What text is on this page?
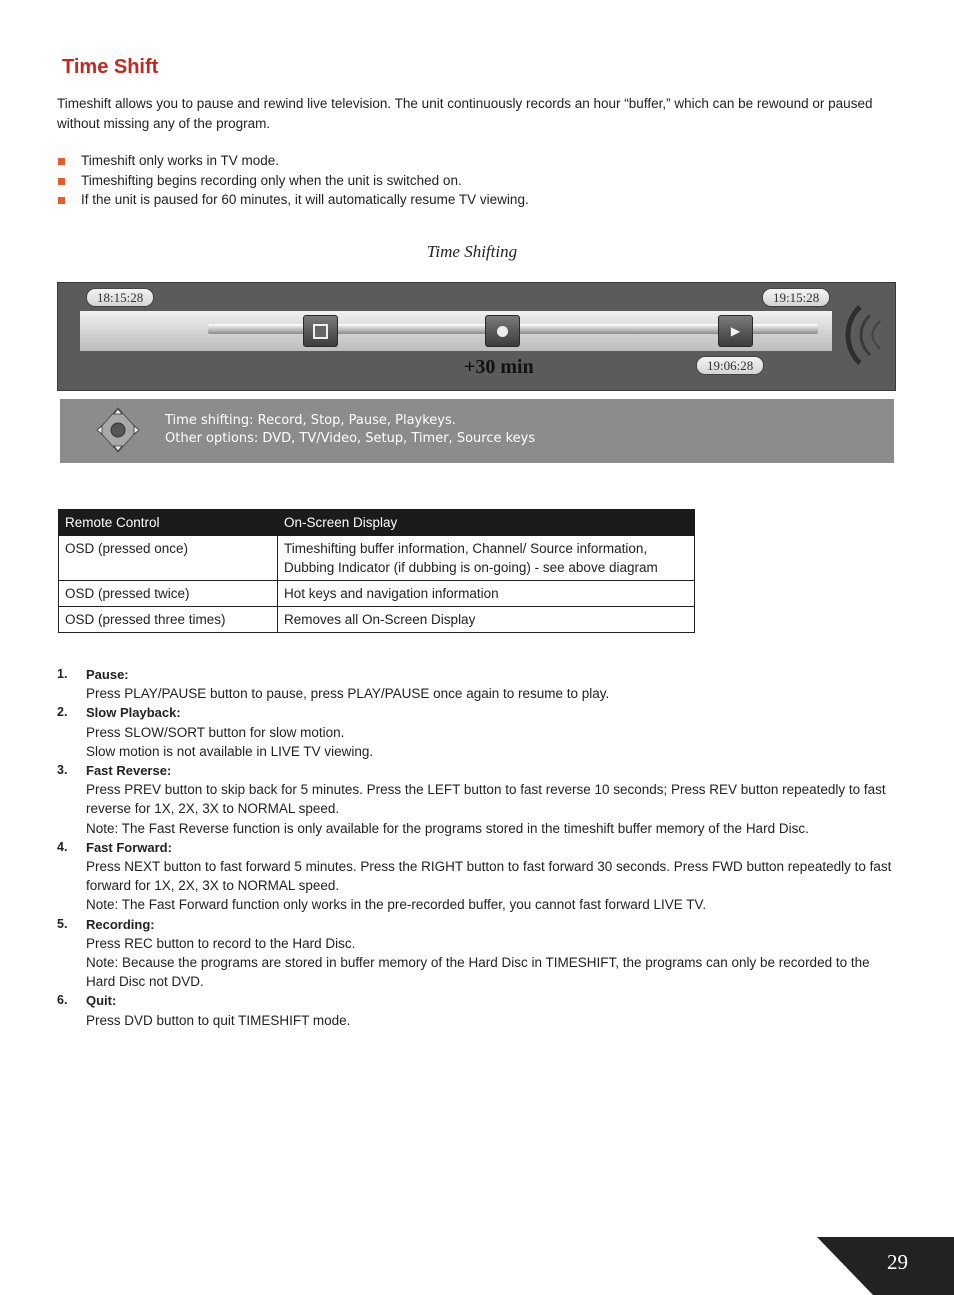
Time Shift
Timeshift allows you to pause and rewind live television. The unit continuously records an hour “buffer,” which can be rewound or paused without missing any of the program.
Timeshift only works in TV mode.
Timeshifting begins recording only when the unit is switched on.
If the unit is paused for 60 minutes, it will automatically resume TV viewing.
Time Shifting
18:15:28	19:15:28
▶
19:06:28
+30 min
Time shifting: Record, Stop, Pause, Playkeys.
Other options: DVD, TV/Video, Setup, Timer, Source keys
Remote Control	On-Screen Display
OSD (pressed once)	Timeshifting buffer information, Channel/ Source information,
Dubbing Indicator (if dubbing is on-going) - see above diagram

OSD (pressed twice)	Hot keys and navigation information
OSD (pressed three times)	Removes all On-Screen Display
1. Pause:
Press PLAY/PAUSE button to pause, press PLAY/PAUSE once again to resume to play.
2. Slow Playback:
Press SLOW/SORT button for slow motion.
Slow motion is not available in LIVE TV viewing.
3. Fast Reverse:
Press PREV button to skip back for 5 minutes. Press the LEFT button to fast reverse 10 seconds; Press REV button repeatedly to fast reverse for 1X, 2X, 3X to NORMAL speed.
Note: The Fast Reverse function is only available for the programs stored in the timeshift buffer memory of the Hard Disc.
4. Fast Forward:
Press NEXT button to fast forward 5 minutes. Press the RIGHT button to fast forward 30 seconds. Press FWD button repeatedly to fast forward for 1X, 2X, 3X to NORMAL speed.
Note: The Fast Forward function only works in the pre-recorded buffer, you cannot fast forward LIVE TV.
5. Recording:
Press REC button to record to the Hard Disc.
Note: Because the programs are stored in buffer memory of the Hard Disc in TIMESHIFT, the programs can only be recorded to the Hard Disc not DVD.
6. Quit:
Press DVD button to quit TIMESHIFT mode.
29
